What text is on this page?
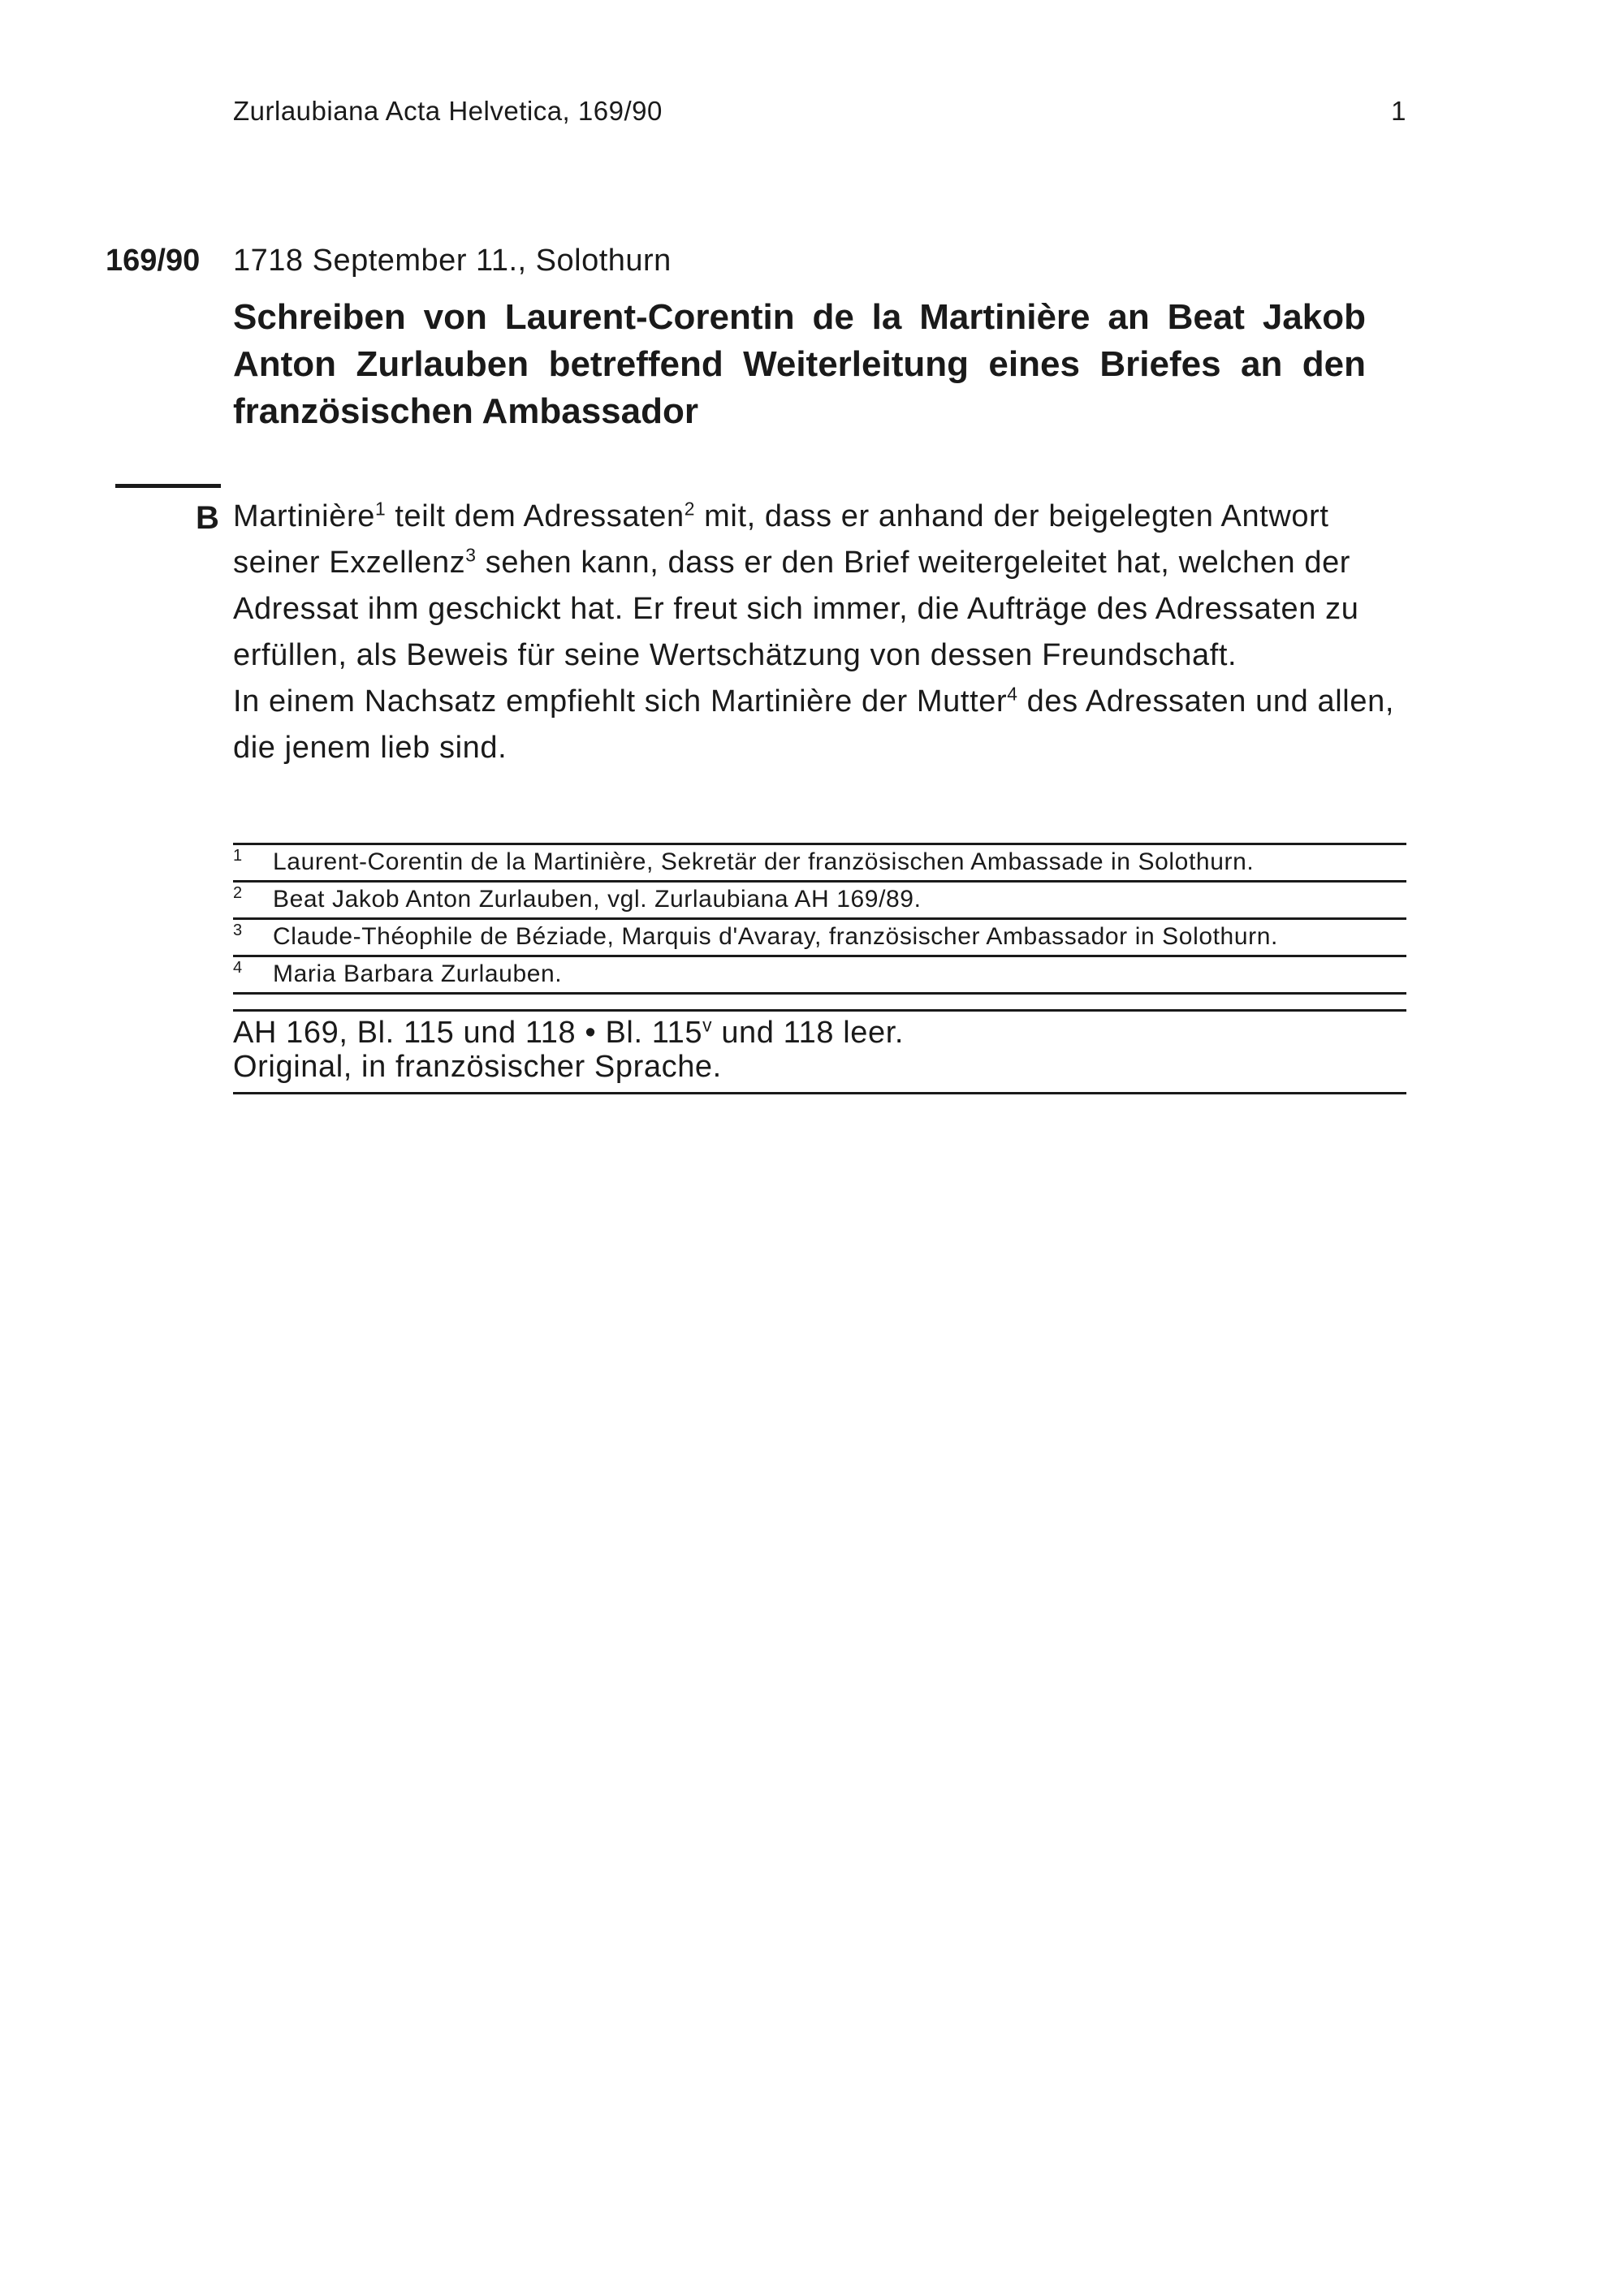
Zurlaubiana Acta Helvetica, 169/90	1
169/90 1718 September 11., Solothurn
Schreiben von Laurent-Corentin de la Martinière an Beat Jakob Anton Zurlauben betreffend Weiterleitung eines Briefes an den französischen Ambassador
B Martinière$^1$ teilt dem Adressaten$^2$ mit, dass er anhand der beigelegten Antwort seiner Exzellenz$^3$ sehen kann, dass er den Brief weitergeleitet hat, welchen der Adressat ihm geschickt hat. Er freut sich immer, die Aufträge des Adressaten zu erfüllen, als Beweis für seine Wertschätzung von dessen Freundschaft.

In einem Nachsatz empfiehlt sich Martinière der Mutter$^4$ des Adressaten und allen, die jenem lieb sind.

1 Laurent-Corentin de la Martinière, Sekretär der französischen Ambassade in Solothurn.
2 Beat Jakob Anton Zurlauben, vgl. Zurlaubiana AH 169/89.
3 Claude-Théophile de Béziade, Marquis d'Avaray, französischer Ambassador in Solothurn.
4 Maria Barbara Zurlauben.
AH 169, Bl. 115 und 118 • Bl. 115$^v$ und 118 leer.
Original, in französischer Sprache.
